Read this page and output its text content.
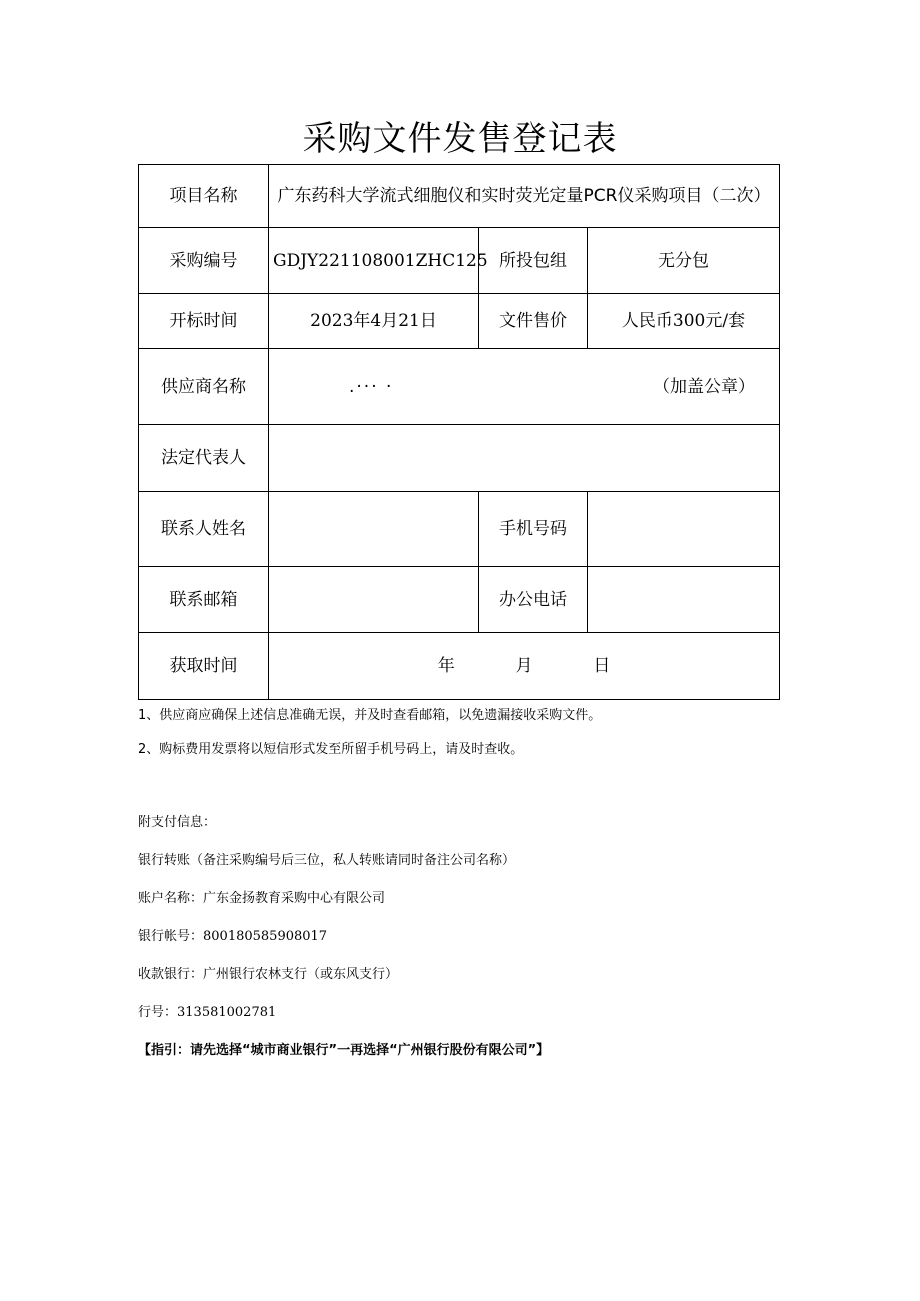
采购文件发售登记表
项目名称	广东药科大学流式细胞仪和实时荧光定量PCR仪采购项目（二次）		
采购编号	GDJY221108001ZHC125	所投包组	无分包
开标时间	2023年4月21日	文件售价	人民币300元/套
供应商名称	.··· · （加盖公章）		

法定代表人			
联系人姓名		手机号码	
联系邮箱		办公电话	
获取时间	年 月 日		
1、供应商应确保上述信息准确无误，并及时查看邮箱，以免遗漏接收采购文件。
2、购标费用发票将以短信形式发至所留手机号码上，请及时查收。
附支付信息：
银行转账（备注采购编号后三位，私人转账请同时备注公司名称）
账户名称：广东金扬教育采购中心有限公司
银行帐号：800180585908017
收款银行：广州银行农林支行（或东风支行）
行号：313581002781
【指引：请先选择“城市商业银行”一再选择“广州银行股份有限公司”】
